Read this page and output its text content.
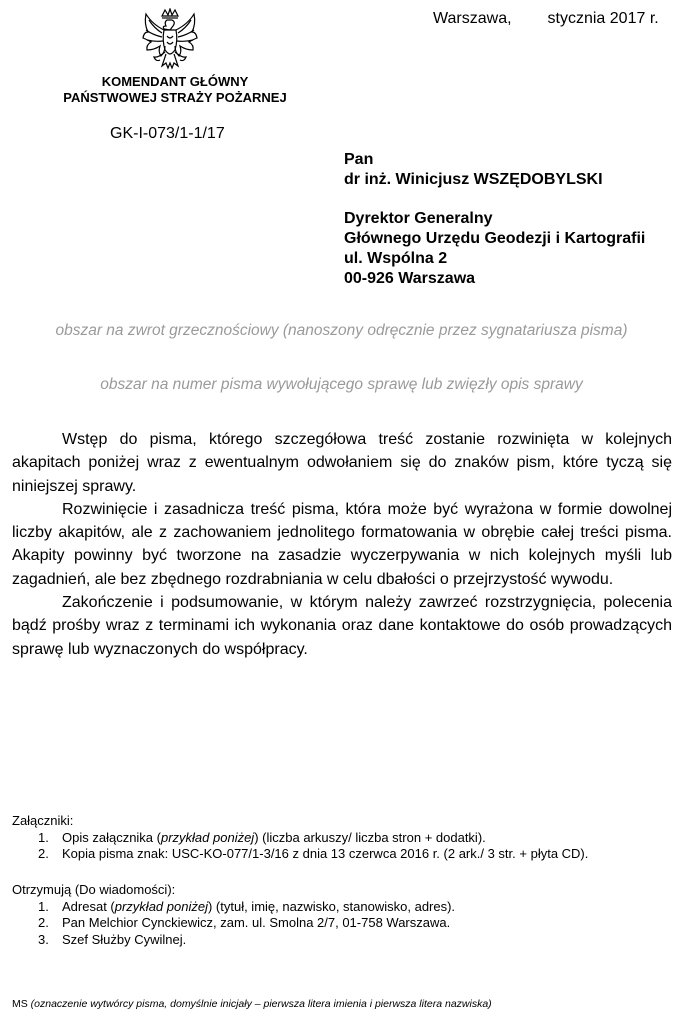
KOMENDANT GŁÓWNY
PAŃSTWOWEJ STRAŻY POŻARNEJ
GK-I-073/1-1/17
Warszawa, stycznia 2017 r.
Pan
dr inż. Winicjusz WSZĘDOBYLSKI
Dyrektor Generalny
Głównego Urzędu Geodezji i Kartografii
ul. Wspólna 2
00-926 Warszawa
obszar na zwrot grzecznościowy (nanoszony odręcznie przez sygnatariusza pisma)
obszar na numer pisma wywołującego sprawę lub zwięzły opis sprawy

Wstęp do pisma, którego szczegółowa treść zostanie rozwinięta w kolejnych akapitach poniżej wraz z ewentualnym odwołaniem się do znaków pism, które tyczą się niniejszej sprawy.

Rozwinięcie i zasadnicza treść pisma, która może być wyrażona w formie dowolnej liczby akapitów, ale z zachowaniem jednolitego formatowania w obrębie całej treści pisma. Akapity powinny być tworzone na zasadzie wyczerpywania w nich kolejnych myśli lub zagadnień, ale bez zbędnego rozdrabniania w celu dbałości o przejrzystość wywodu.

Zakończenie i podsumowanie, w którym należy zawrzeć rozstrzygnięcia, polecenia bądź prośby wraz z terminami ich wykonania oraz dane kontaktowe do osób prowadzących sprawę lub wyznaczonych do współpracy.

Załączniki:
1. Opis załącznika (przykład poniżej) (liczba arkuszy/ liczba stron + dodatki).
2. Kopia pisma znak: USC-KO-077/1-3/16 z dnia 13 czerwca 2016 r. (2 ark./ 3 str. + płyta CD).
Otrzymują (Do wiadomości):
1. Adresat (przykład poniżej) (tytuł, imię, nazwisko, stanowisko, adres).
2. Pan Melchior Cynckiewicz, zam. ul. Smolna 2/7, 01-758 Warszawa.
3. Szef Służby Cywilnej.
MS (oznaczenie wytwórcy pisma, domyślnie inicjały – pierwsza litera imienia i pierwsza litera nazwiska)
